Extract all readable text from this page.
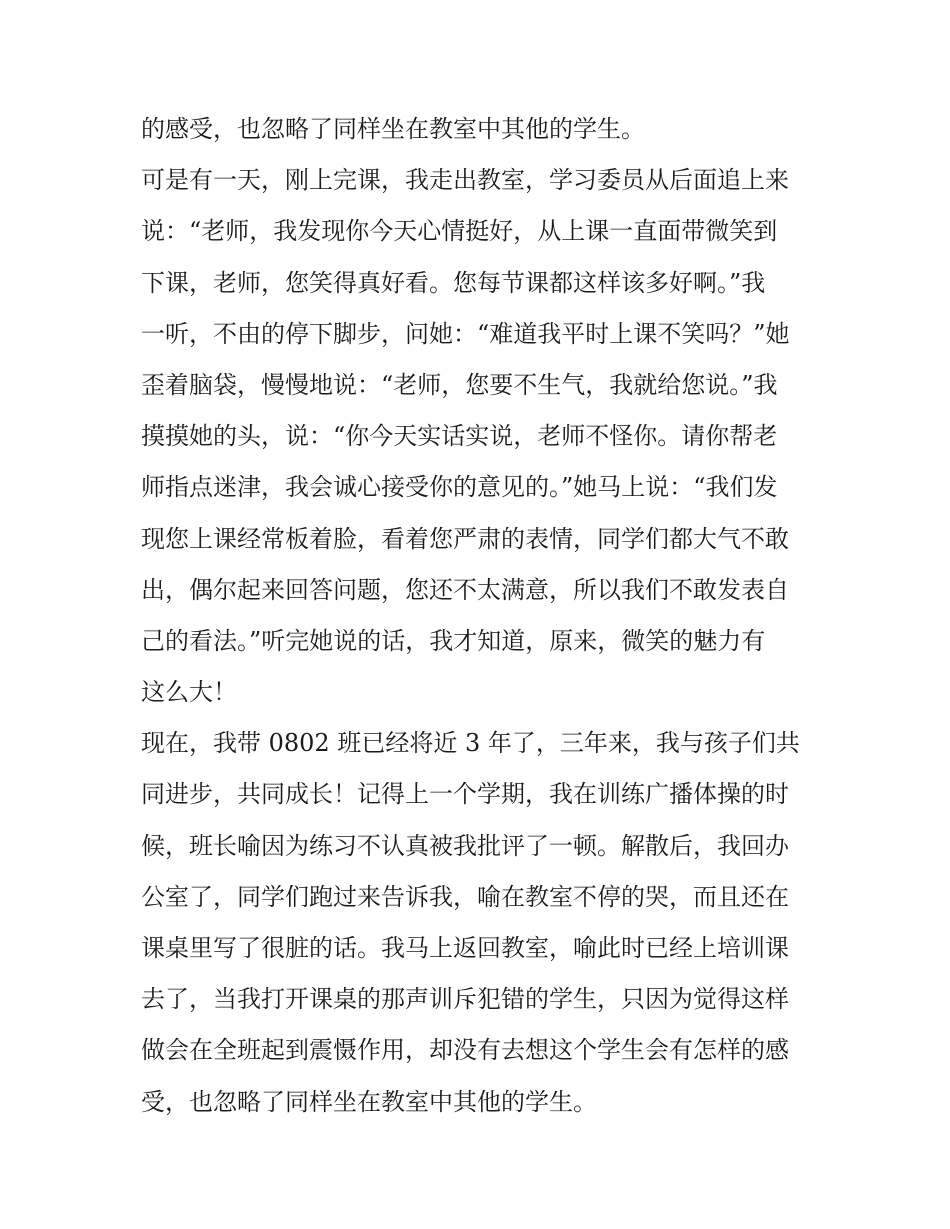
的感受，也忽略了同样坐在教室中其他的学生。
可是有一天，刚上完课，我走出教室，学习委员从后面追上来
说：“老师，我发现你今天心情挺好，从上课一直面带微笑到
下课，老师，您笑得真好看。您每节课都这样该多好啊。”我
一听，不由的停下脚步，问她：“难道我平时上课不笑吗？”她
歪着脑袋，慢慢地说：“老师，您要不生气，我就给您说。”我
摸摸她的头，说：“你今天实话实说，老师不怪你。请你帮老
师指点迷津，我会诚心接受你的意见的。”她马上说：“我们发
现您上课经常板着脸，看着您严肃的表情，同学们都大气不敢
出，偶尔起来回答问题，您还不太满意，所以我们不敢发表自
己的看法。”听完她说的话，我才知道，原来，微笑的魅力有
这么大！
现在，我带 0802 班已经将近 3 年了，三年来，我与孩子们共
同进步，共同成长！记得上一个学期，我在训练广播体操的时
候，班长喻因为练习不认真被我批评了一顿。解散后，我回办
公室了，同学们跑过来告诉我，喻在教室不停的哭，而且还在
课桌里写了很脏的话。我马上返回教室，喻此时已经上培训课
去了，当我打开课桌的那声训斥犯错的学生，只因为觉得这样
做会在全班起到震慑作用，却没有去想这个学生会有怎样的感
受，也忽略了同样坐在教室中其他的学生。
